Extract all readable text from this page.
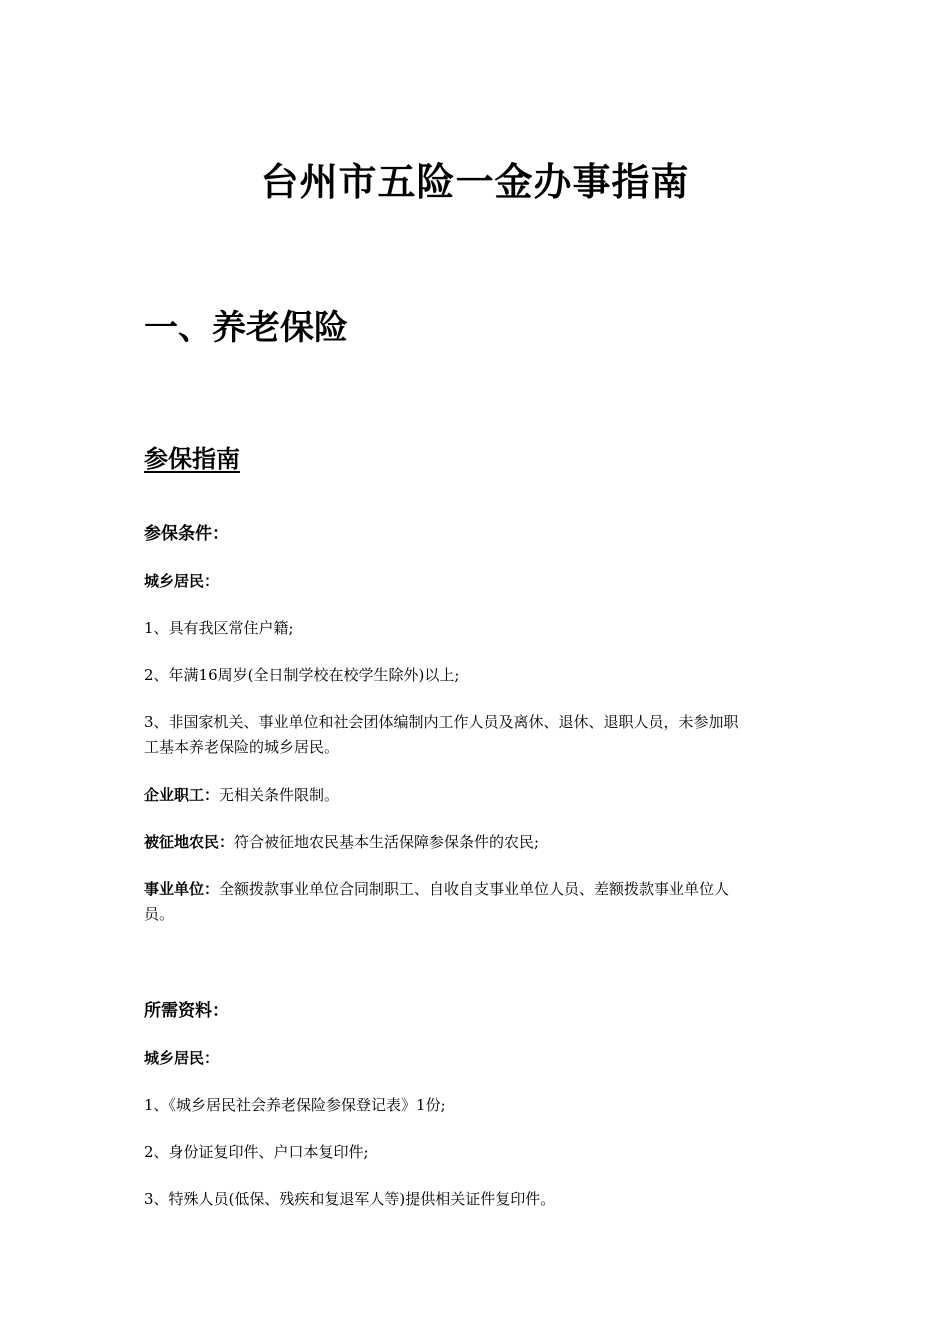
台州市五险一金办事指南
一、养老保险
参保指南
参保条件：
城乡居民：
1、具有我区常住户籍;
2、年满16周岁(全日制学校在校学生除外)以上;
3、非国家机关、事业单位和社会团体编制内工作人员及离休、退休、退职人员，未参加职
工基本养老保险的城乡居民。
企业职工：无相关条件限制。
被征地农民：符合被征地农民基本生活保障参保条件的农民;
事业单位：全额拨款事业单位合同制职工、自收自支事业单位人员、差额拨款事业单位人
员。
所需资料：
城乡居民：
1、《城乡居民社会养老保险参保登记表》1份;
2、身份证复印件、户口本复印件;
3、特殊人员(低保、残疾和复退军人等)提供相关证件复印件。
